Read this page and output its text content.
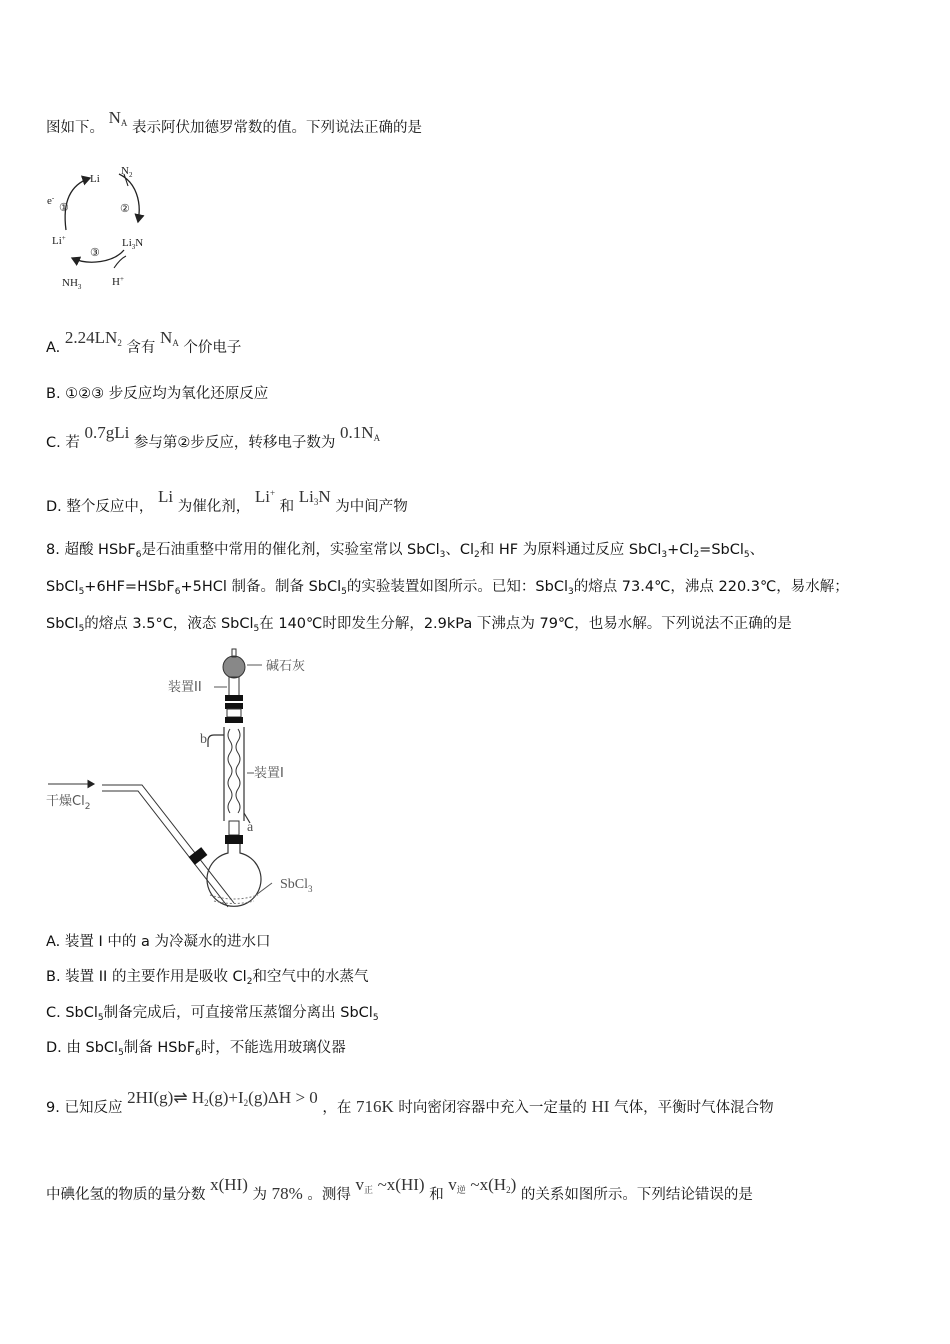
图如下。 $N_A$ 表示阿伏加德罗常数的值。下列说法正确的是
Li
$N_2$
e-
①	②
③
Li+	$Li_3N$
$NH_3$	H+
A. $2.24LN_2$ 含有 $N_A$ 个价电子
B. ①②③ 步反应均为氧化还原反应
C. 若 0.7gLi 参与第②步反应，转移电子数为 $0.1N_A$
D. 整个反应中， Li 为催化剂， Li+ 和 $Li_3N$ 为中间产物
8. 超酸 HSbF$_6$是石油重整中常用的催化剂，实验室常以 SbCl$_3$、$Cl_2$和 HF 为原料通过反应 $SbCl_3+Cl_2=SbCl_5$、
SbCl$_5$+6HF=HSbF$_6$+5HCl 制备。制备 SbCl$_5$的实验装置如图所示。已知：SbCl$_3$的熔点 73.4℃，沸点 220.3℃，易水解；
SbCl$_5$的熔点 3.5°C，液态 SbCl$_5$在 140℃时即发生分解，2.9kPa 下沸点为 79℃，也易水解。下列说法不正确的是
碱石灰
装置II
装置I
b
a
干燥$Cl_2$
SbCl$_3$
A. 装置 I 中的 a 为冷凝水的进水口
B. 装置 II 的主要作用是吸收 $Cl_2$和空气中的水蒸气
C. SbCl$_5$制备完成后，可直接常压蒸馏分离出 SbCl$_5$
D. 由 SbCl$_5$制备 HSbF$_6$时，不能选用玻璃仪器
9. 已知反应 2HI(g)⇌ $H_2(g)+I_2(g)\Delta H > 0$ ，在 716K 时向密闭容器中充入一定量的 HI 气体，平衡时气体混合物
中碘化氢的物质的量分数 x(HI) 为 78% 。测得 $v_正$ ~x(HI) 和 $v_逆$ $\sim x(H_2)$ 的关系如图所示。下列结论错误的是
